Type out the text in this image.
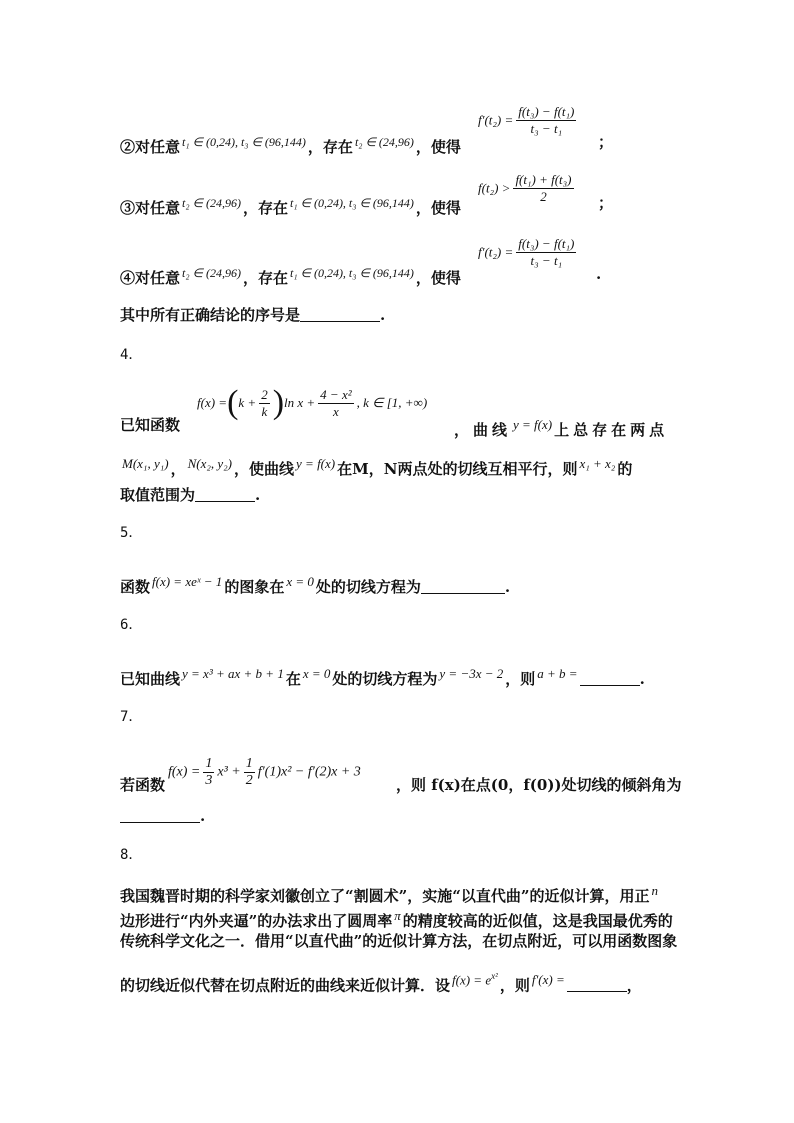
②对任意 t₁ ∈ (0,24), t₃ ∈ (96,144) ，存在 t₂ ∈ (24,96) ，使得
$f'(t_2) = \frac{\text{f(t₃) − f(t₁)}}{\text{t₃ − t₁}}$
；
③对任意 t₂ ∈ (24,96) ，存在 t₁ ∈ (0,24), t₃ ∈ (96,144) ，使得
$f(t_2) > \frac{\text{f(t₁) + f(t₃)}}{2}$ ；
④对任意 t₂ ∈ (24,96) ，存在 t₁ ∈ (0,24), t₃ ∈ (96,144) ，使得
$f'(t_2) = \frac{\text{f(t₃) − f(t₁)}}{\text{t₃ − t₁}}$
.
其中所有正确结论的序号是	.
4．
已知函数
$f(x) =(k + \frac{2}{k} )\ln$ $x + \frac{\text{4 − x²}}{x}$ , k ∈ [1, +∞)
，曲线 y = f(x) 上总存在两点
M(x₁, y₁) ， N(x₂, y₂) ，使曲线 y = f(x) 在M，N两点处的切线互相平行，则 x₁ + x₂ 的
取值范围为	.
5．
函数 f(x) = xeˣ − 1 的图象在 x = 0 处的切线方程为	.
6．
已知曲线 y = x³ + ax + b + 1 在 x = 0 处的切线方程为 y = −3x − 2 ，则 a + b =	.
7．
若函数
$f(x) = \frac{1}{3} x^3 + \frac{1}{2} f'(1)x^2 - f'(2)x + 3$
，则 f(x)在点(0，f(0))处切线的倾斜角为
.
8．
我国魏晋时期的科学家刘徽创立了“割圆术”，实施“以直代曲”的近似计算，用正 n
边形进行“内外夹逼”的办法求出了圆周率 π 的精度较高的近似值，这是我国最优秀的
传统科学文化之一．借用“以直代曲”的近似计算方法，在切点附近，可以用函数图象
的切线近似代替在切点附近的曲线来近似计算．设 $f(x) = e^{x^2}$，则 f′(x) =	，
